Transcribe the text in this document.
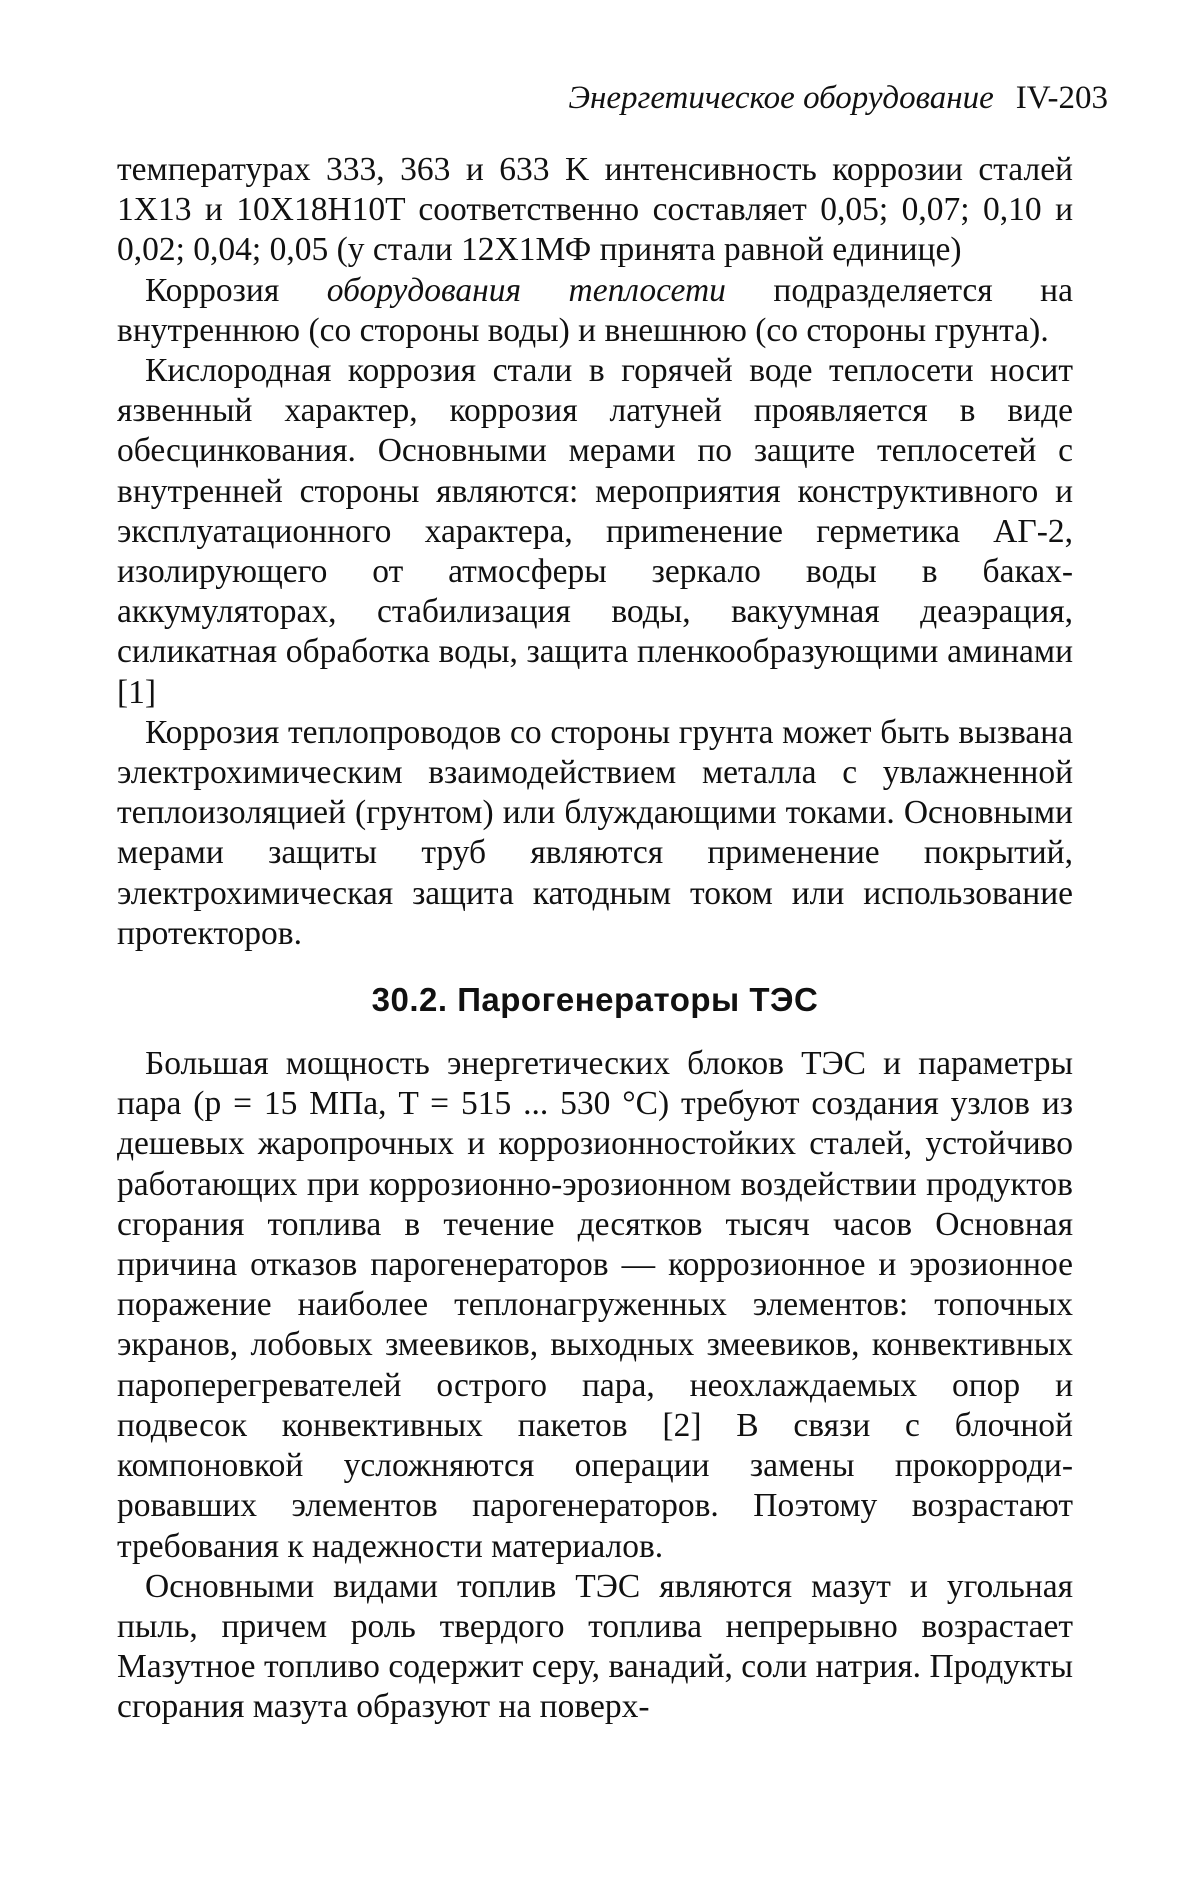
Энергетическое оборудование IV-203

температурах 333, 363 и 633 K интенсивность коррозии сталей 1X13 и 10X18H10T соответственно составляет 0,05; 0,07; 0,10 и 0,02; 0,04; 0,05 (у стали 12X1МФ принята равной единице)

Коррозия оборудования теплосети подразделяется на внутреннюю (со стороны воды) и внешнюю (со стороны грунта).

Кислородная коррозия стали в горячей воде теплосети носит язвенный характер, коррозия латуней проявляется в виде обесцинкования. Основными мерами по защите теплосетей с внутренней стороны являются: мероприятия конструктивного и эксплуатационного характера, приmенение герметика АГ-2, изолирующего от атмосферы зеркало воды в баках-аккумуляторах, стабилизация воды, вакуумная деаэрация, силикатная обработка воды, защита пленкообразующими аминами [1]

Коррозия теплопроводов со стороны грунта может быть вызвана электрохимическим взаимодействием металла с увлажненной теплоизоляцией (грунтом) или блуждающими токами. Основными мерами защиты труб являются применение покрытий, электрохимическая защита катодным током или использование протекторов.

30.2. Парогенераторы ТЭС

Большая мощность энергетических блоков ТЭС и параметры пара (p = 15 МПа, T = 515 ... 530 °С) требуют создания узлов из дешевых жаропрочных и коррозионностойких сталей, устойчиво работающих при коррозионно-эрозионном воздействии продуктов сгорания топлива в течение десятков тысяч часов Основная причина отказов парогенераторов — коррозионное и эрозионное поражение наиболее теплонагруженных элементов: топочных экранов, лобовых змеевиков, выходных змеевиков, конвективных пароперегревателей острого пара, неохлаждаемых опор и подвесок конвективных пакетов [2] В связи с блочной компоновкой усложняются операции замены прокорродировавших элементов парогенераторов. Поэтому возрастают требования к надежности материалов.

Основными видами топлив ТЭС являются мазут и угольная пыль, причем роль твердого топлива непрерывно возрастает Мазутное топливо содержит серу, ванадий, соли натрия. Продукты сгорания мазута образуют на поверх-
